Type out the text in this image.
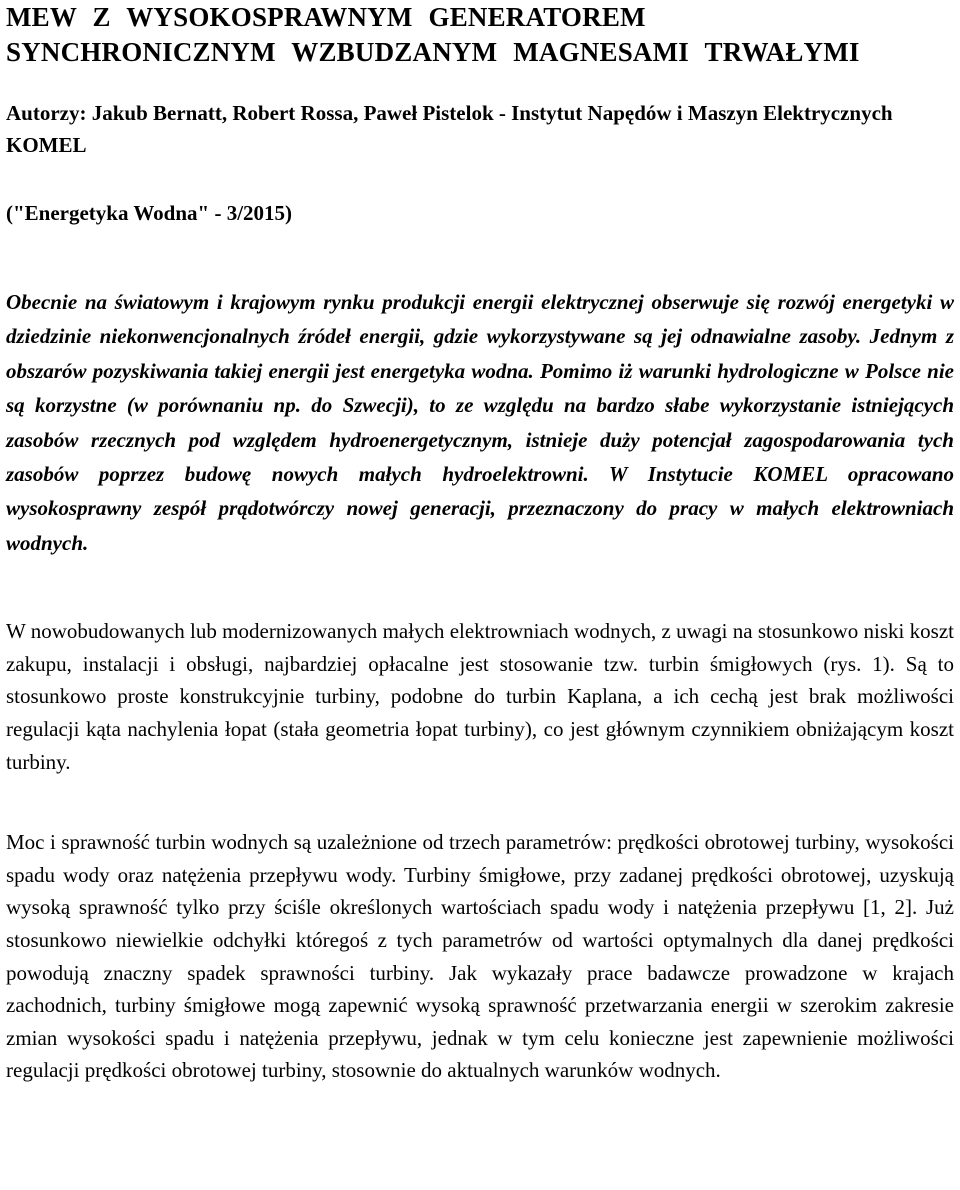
MEW Z WYSOKOSPRAWNYM GENERATOREM
SYNCHRONICZNYM WZBUDZANYM MAGNESAMI TRWAŁYMI

Autorzy: Jakub Bernatt, Robert Rossa, Paweł Pistelok - Instytut Napędów i Maszyn Elektrycznych KOMEL

("Energetyka Wodna" - 3/2015)

Obecnie na światowym i krajowym rynku produkcji energii elektrycznej obserwuje się rozwój energetyki w dziedzinie niekonwencjonalnych źródeł energii, gdzie wykorzystywane są jej odnawialne zasoby. Jednym z obszarów pozyskiwania takiej energii jest energetyka wodna. Pomimo iż warunki hydrologiczne w Polsce nie są korzystne (w porównaniu np. do Szwecji), to ze względu na bardzo słabe wykorzystanie istniejących zasobów rzecznych pod względem hydroenergetycznym, istnieje duży potencjał zagospodarowania tych zasobów poprzez budowę nowych małych hydroelektrowni. W Instytucie KOMEL opracowano wysokosprawny zespół prądotwórczy nowej generacji, przeznaczony do pracy w małych elektrowniach wodnych.

W nowobudowanych lub modernizowanych małych elektrowniach wodnych, z uwagi na stosunkowo niski koszt zakupu, instalacji i obsługi, najbardziej opłacalne jest stosowanie tzw. turbin śmigłowych (rys. 1). Są to stosunkowo proste konstrukcyjnie turbiny, podobne do turbin Kaplana, a ich cechą jest brak możliwości regulacji kąta nachylenia łopat (stała geometria łopat turbiny), co jest głównym czynnikiem obniżającym koszt turbiny.

Moc i sprawność turbin wodnych są uzależnione od trzech parametrów: prędkości obrotowej turbiny, wysokości spadu wody oraz natężenia przepływu wody. Turbiny śmigłowe, przy zadanej prędkości obrotowej, uzyskują wysoką sprawność tylko przy ściśle określonych wartościach spadu wody i natężenia przepływu [1, 2]. Już stosunkowo niewielkie odchyłki któregoś z tych parametrów od wartości optymalnych dla danej prędkości powodują znaczny spadek sprawności turbiny. Jak wykazały prace badawcze prowadzone w krajach zachodnich, turbiny śmigłowe mogą zapewnić wysoką sprawność przetwarzania energii w szerokim zakresie zmian wysokości spadu i natężenia przepływu, jednak w tym celu konieczne jest zapewnienie możliwości regulacji prędkości obrotowej turbiny, stosownie do aktualnych warunków wodnych.
